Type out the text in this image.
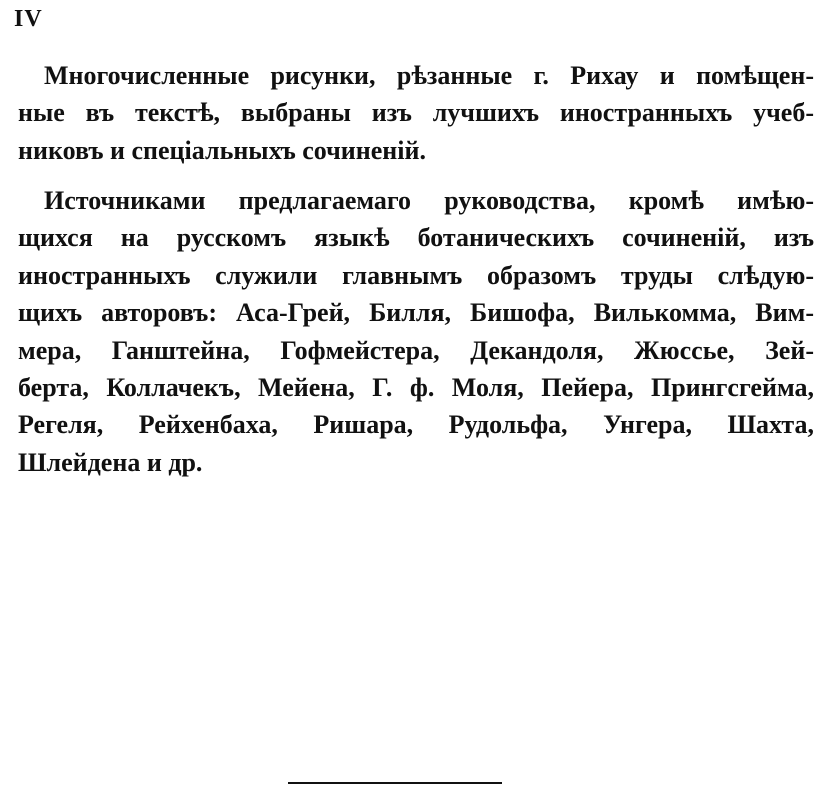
IV
Многочисленные рисунки, рѣзанные г. Рихау и помѣщен-
ные въ текстѣ, выбраны изъ лучшихъ иностранныхъ учеб-
никовъ и спеціальныхъ сочиненій.
Источниками предлагаемаго руководства, кромѣ имѣю-
щихся на русскомъ языкѣ ботаническихъ сочиненій, изъ
иностранныхъ служили главнымъ образомъ труды слѣдую-
щихъ авторовъ: Аса-Грей, Билля, Бишофа, Вилькомма, Вим-
мера, Ганштейна, Гофмейстера, Декандоля, Жюссье, Зей-
берта, Коллачекъ, Мейена, Г. ф. Моля, Пейера, Прингсгейма,
Регеля, Рейхенбаха, Ришара, Рудольфа, Унгера, Шахта,
Шлейдена и др.
